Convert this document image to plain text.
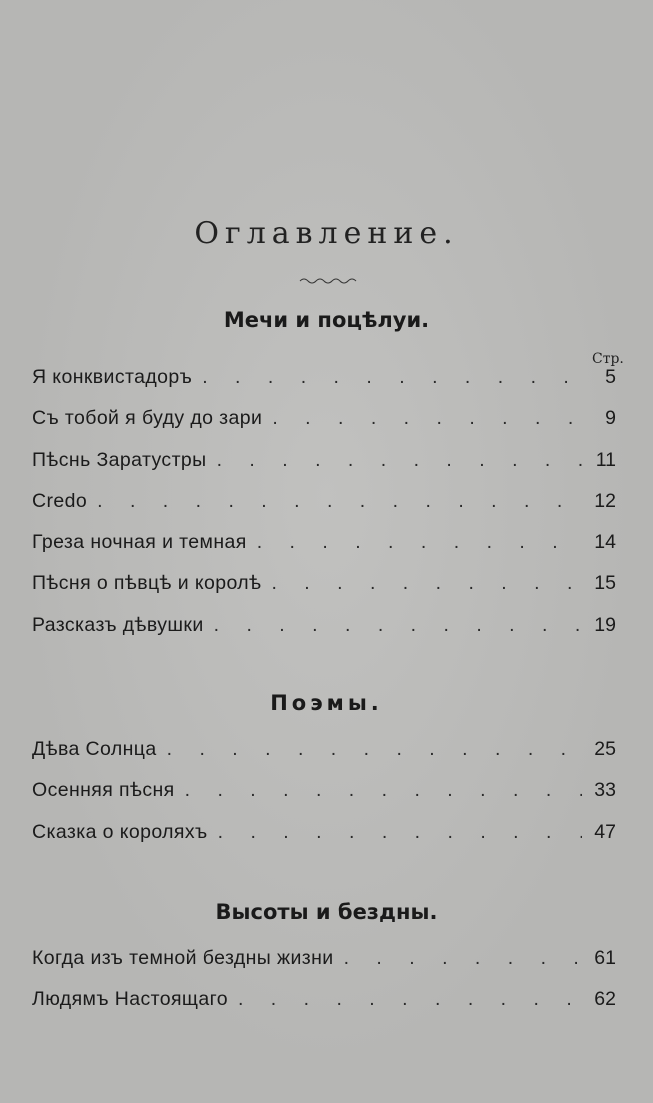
Оглавление.
Мечи и поцѣлуи.
Стр.
Я конквистадоръ . . .	5
Съ тобой я буду до зари . . .	9
Пѣснь Заратустры . . .	11
Credo . . .	12
Греза ночная и темная . . .	14
Пѣсня о пѣвцѣ и королѣ . . .	15
Разсказъ дѣвушки . . .	19
Поэмы.
Дѣва Солнца . . .	25
Осенняя пѣсня . . .	33
Сказка о короляхъ . . .	47
Высоты и бездны.
Когда изъ темной бездны жизни . . .	61
Людямъ Настоящаго . . .	62
